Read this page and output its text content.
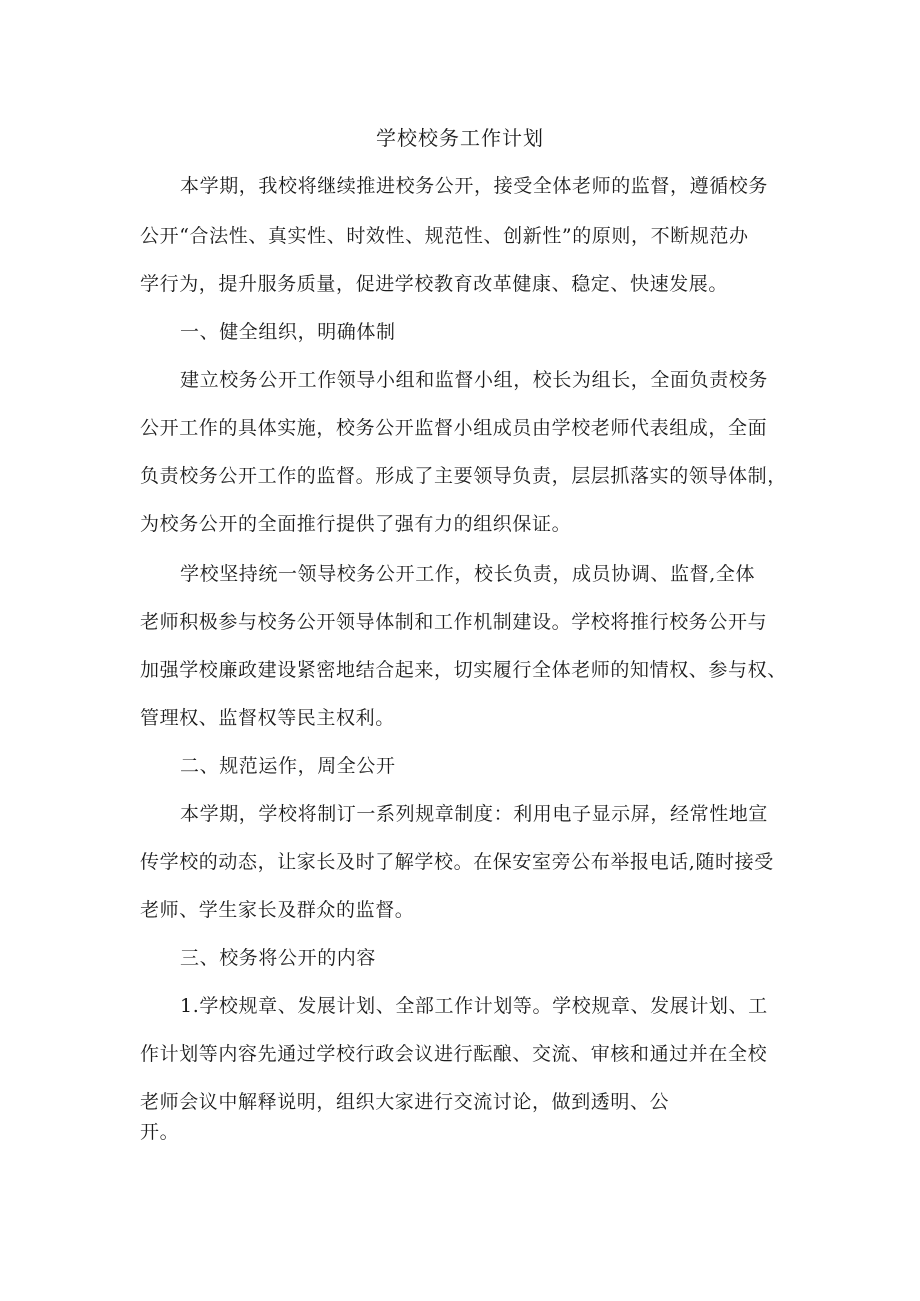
学校校务工作计划

本学期，我校将继续推进校务公开，接受全体老师的监督，遵循校务

公开“合法性、真实性、时效性、规范性、创新性”的原则，不断规范办

学行为，提升服务质量，促进学校教育改革健康、稳定、快速发展。

一、健全组织，明确体制

建立校务公开工作领导小组和监督小组，校长为组长，全面负责校务

公开工作的具体实施，校务公开监督小组成员由学校老师代表组成，全面

负责校务公开工作的监督。形成了主要领导负责，层层抓落实的领导体制，

为校务公开的全面推行提供了强有力的组织保证。

学校坚持统一领导校务公开工作，校长负责，成员协调、监督,全体

老师积极参与校务公开领导体制和工作机制建设。学校将推行校务公开与

加强学校廉政建设紧密地结合起来，切实履行全体老师的知情权、参与权、

管理权、监督权等民主权利。

二、规范运作，周全公开

本学期，学校将制订一系列规章制度：利用电子显示屏，经常性地宣

传学校的动态，让家长及时了解学校。在保安室旁公布举报电话,随时接受

老师、学生家长及群众的监督。

三、校务将公开的内容

1.学校规章、发展计划、全部工作计划等。学校规章、发展计划、工

作计划等内容先通过学校行政会议进行酝酿、交流、审核和通过并在全校

老师会议中解释说明，组织大家进行交流讨论，做到透明、公

开。
